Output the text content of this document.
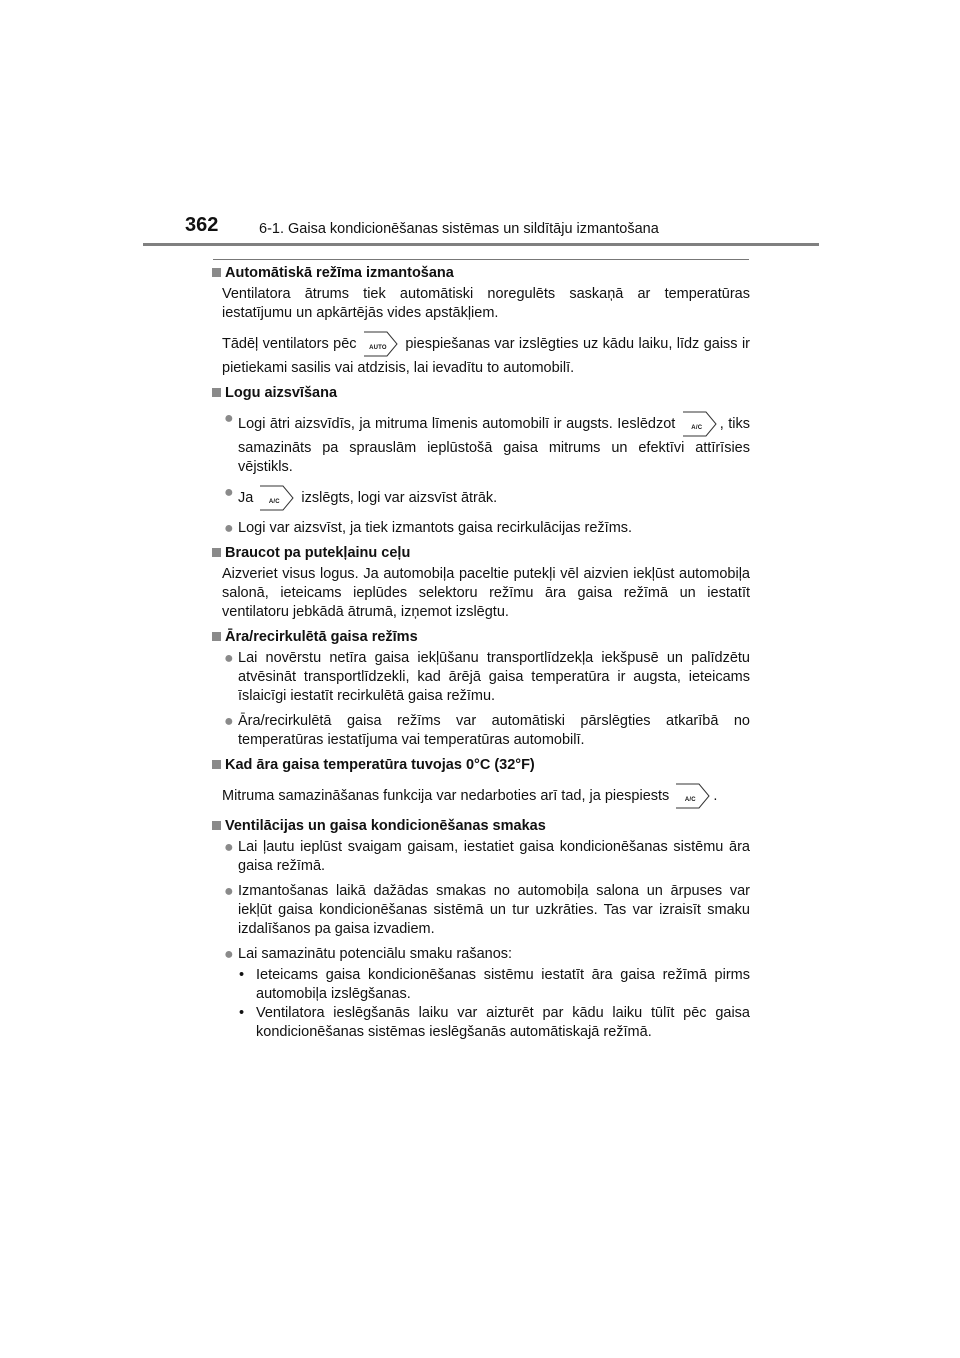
362	6-1. Gaisa kondicionēšanas sistēmas un sildītāju izmantošana
Automātiskā režīma izmantošana
Ventilatora ātrums tiek automātiski noregulēts saskaņā ar temperatūras iestatījumu un apkārtējās vides apstākļiem.
Tādēļ ventilators pēc	AUTO	piespiešanas var izslēgties uz kādu laiku, līdz gaiss ir pietiekami sasilis vai atdzisis, lai ievadītu to automobilī.
Logu aizsvīšana
● Logi ātri aizsvīdīs, ja mitruma līmenis automobilī ir augsts. Ieslēdzot	A/C	, tiks samazināts pa sprauslām ieplūstošā gaisa mitrums un efektīvi attīrīsies vējstikls.
● Ja	A/C	izslēgts, logi var aizsvīst ātrāk.
● Logi var aizsvīst, ja tiek izmantots gaisa recirkulācijas režīms.
Braucot pa putekļainu ceļu
Aizveriet visus logus. Ja automobiļa paceltie putekļi vēl aizvien iekļūst automobiļa salonā, ieteicams ieplūdes selektoru režīmu āra gaisa režīmā un iestatīt ventilatoru jebkādā ātrumā, izņemot izslēgtu.
Āra/recirkulētā gaisa režīms
● Lai novērstu netīra gaisa iekļūšanu transportlīdzekļa iekšpusē un palīdzētu atvēsināt transportlīdzekli, kad ārējā gaisa temperatūra ir augsta, ieteicams īslaicīgi iestatīt recirkulētā gaisa režīmu.
● Āra/recirkulētā gaisa režīms var automātiski pārslēgties atkarībā no temperatūras iestatījuma vai temperatūras automobilī.
Kad āra gaisa temperatūra tuvojas 0°C (32°F)
Mitruma samazināšanas funkcija var nedarboties arī tad, ja piespiests	A/C	.
Ventilācijas un gaisa kondicionēšanas smakas
● Lai ļautu ieplūst svaigam gaisam, iestatiet gaisa kondicionēšanas sistēmu āra gaisa režīmā.
● Izmantošanas laikā dažādas smakas no automobiļa salona un ārpuses var iekļūt gaisa kondicionēšanas sistēmā un tur uzkrāties. Tas var izraisīt smaku izdalīšanos pa gaisa izvadiem.
● Lai samazinātu potenciālu smaku rašanos:
• Ieteicams gaisa kondicionēšanas sistēmu iestatīt āra gaisa režīmā pirms automobiļa izslēgšanas.
• Ventilatora ieslēgšanās laiku var aizturēt par kādu laiku tūlīt pēc gaisa kondicionēšanas sistēmas ieslēgšanās automātiskajā režīmā.
